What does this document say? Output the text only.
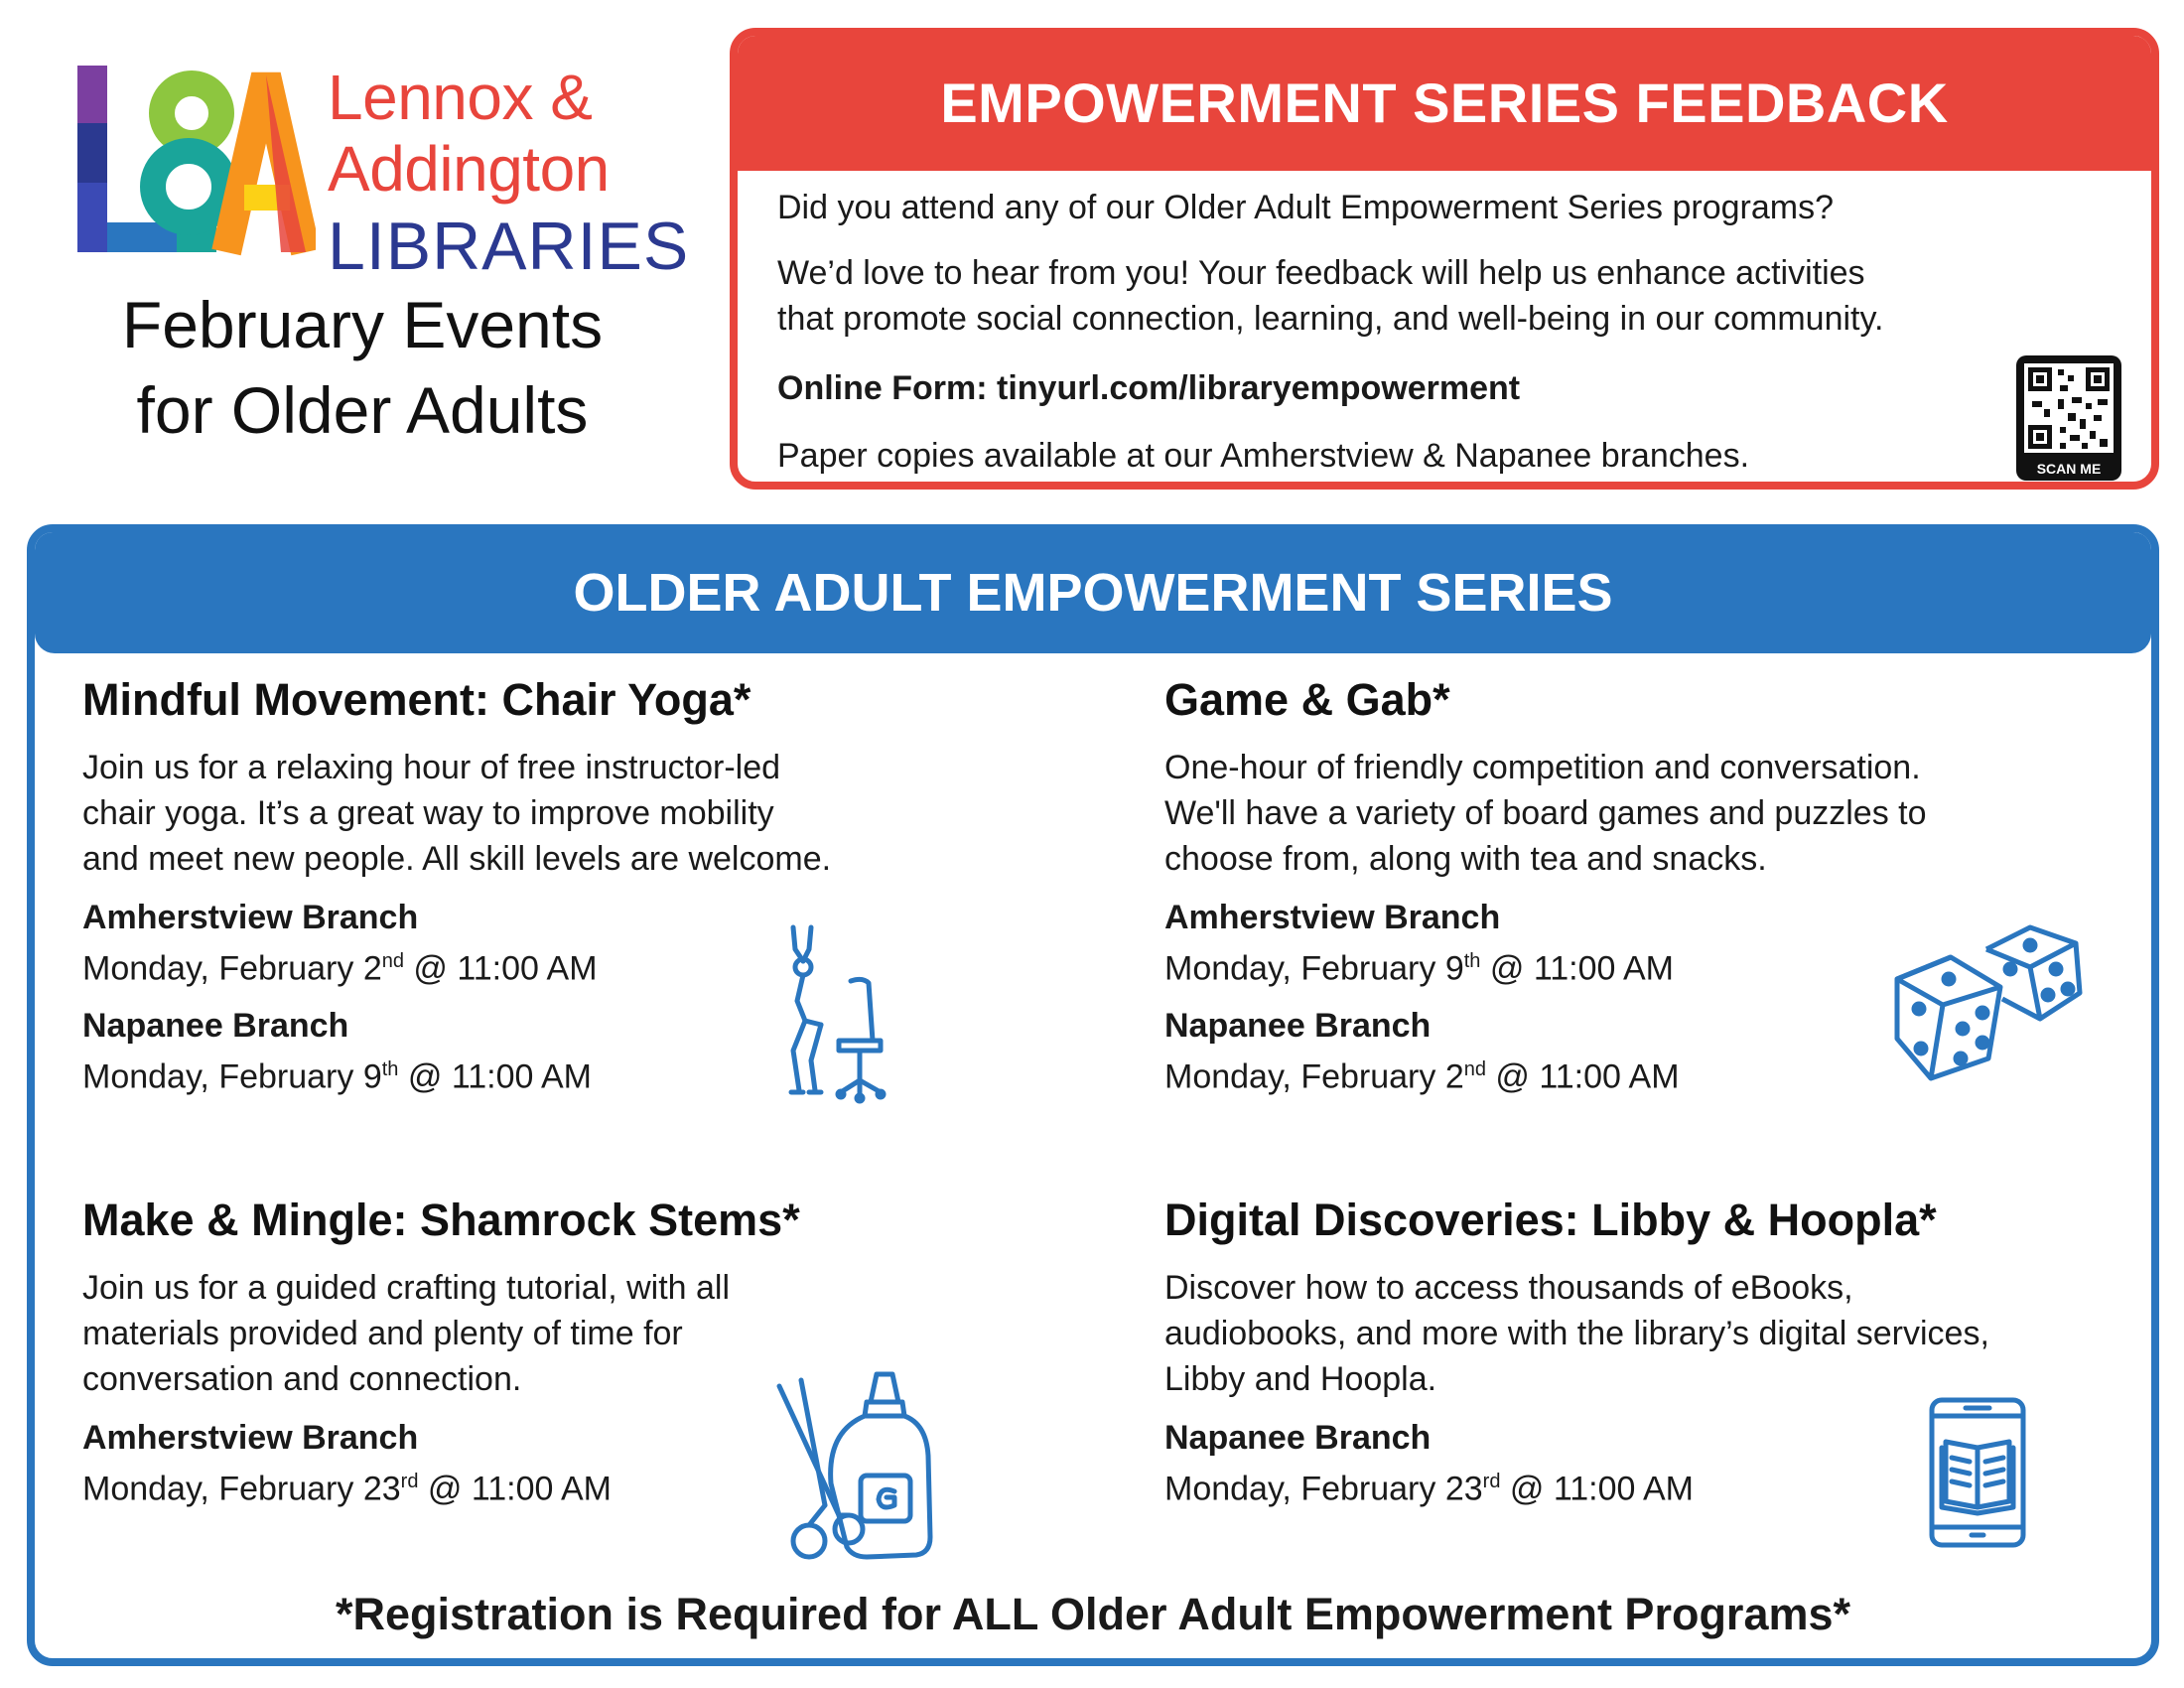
Lennox &
Addington
LIBRARIES
February Events
for Older Adults
EMPOWERMENT SERIES FEEDBACK

Did you attend any of our Older Adult Empowerment Series programs?

We’d love to hear from you! Your feedback will help us enhance activities
that promote social connection, learning, and well-being in our community.

Online Form: tinyurl.com/libraryempowerment

Paper copies available at our Amherstview & Napanee branches.	SCAN ME
OLDER ADULT EMPOWERMENT SERIES
Mindful Movement: Chair Yoga*
Join us for a relaxing hour of free instructor-led
chair yoga. It’s a great way to improve mobility
and meet new people. All skill levels are welcome.
Amherstview Branch
Monday, February 2nd @ 11:00 AM
Napanee Branch
Monday, February 9th @ 11:00 AM
Game & Gab*
One-hour of friendly competition and conversation.
We'll have a variety of board games and puzzles to
choose from, along with tea and snacks.
Amherstview Branch
Monday, February 9th @ 11:00 AM
Napanee Branch
Monday, February 2nd @ 11:00 AM
Make & Mingle: Shamrock Stems*
Join us for a guided crafting tutorial, with all
materials provided and plenty of time for
conversation and connection.
Amherstview Branch
Monday, February 23rd @ 11:00 AM
Digital Discoveries: Libby & Hoopla*
Discover how to access thousands of eBooks,
audiobooks, and more with the library’s digital services,
Libby and Hoopla.
Napanee Branch
Monday, February 23rd @ 11:00 AM
*Registration is Required for ALL Older Adult Empowerment Programs*
